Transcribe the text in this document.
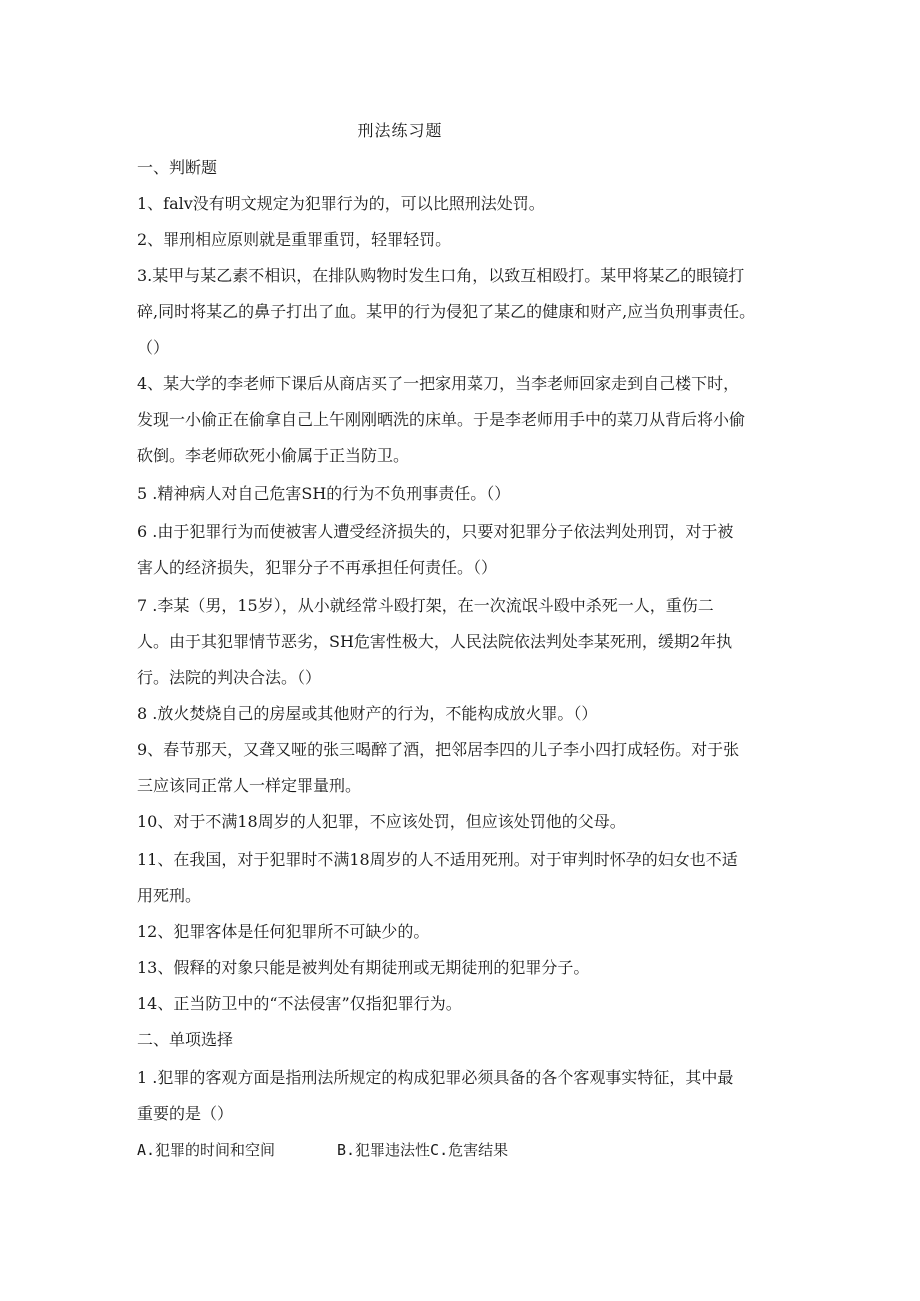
刑法练习题
一、判断题
1、falv没有明文规定为犯罪行为的，可以比照刑法处罚。
2、罪刑相应原则就是重罪重罚，轻罪轻罚。
3.某甲与某乙素不相识，在排队购物时发生口角，以致互相殴打。某甲将某乙的眼镜打
碎,同时将某乙的鼻子打出了血。某甲的行为侵犯了某乙的健康和财产,应当负刑事责任。
（）
4、某大学的李老师下课后从商店买了一把家用菜刀，当李老师回家走到自己楼下时，
发现一小偷正在偷拿自己上午刚刚晒洗的床单。于是李老师用手中的菜刀从背后将小偷
砍倒。李老师砍死小偷属于正当防卫。
5 .精神病人对自己危害SH的行为不负刑事责任。（）
6 .由于犯罪行为而使被害人遭受经济损失的，只要对犯罪分子依法判处刑罚，对于被
害人的经济损失，犯罪分子不再承担任何责任。（）
7 .李某（男，15岁），从小就经常斗殴打架，在一次流氓斗殴中杀死一人，重伤二
人。由于其犯罪情节恶劣，SH危害性极大，人民法院依法判处李某死刑，缓期2年执
行。法院的判决合法。（）
8 .放火焚烧自己的房屋或其他财产的行为，不能构成放火罪。（）
9、春节那天，又聋又哑的张三喝醉了酒，把邻居李四的儿子李小四打成轻伤。对于张
三应该同正常人一样定罪量刑。
10、对于不满18周岁的人犯罪，不应该处罚，但应该处罚他的父母。
11、在我国，对于犯罪时不满18周岁的人不适用死刑。对于审判时怀孕的妇女也不适
用死刑。
12、犯罪客体是任何犯罪所不可缺少的。
13、假释的对象只能是被判处有期徒刑或无期徒刑的犯罪分子。
14、正当防卫中的“不法侵害”仅指犯罪行为。
二、单项选择
1 .犯罪的客观方面是指刑法所规定的构成犯罪必须具备的各个客观事实特征，其中最
重要的是（）
A.犯罪的时间和空间	B.犯罪违法性C.危害结果
